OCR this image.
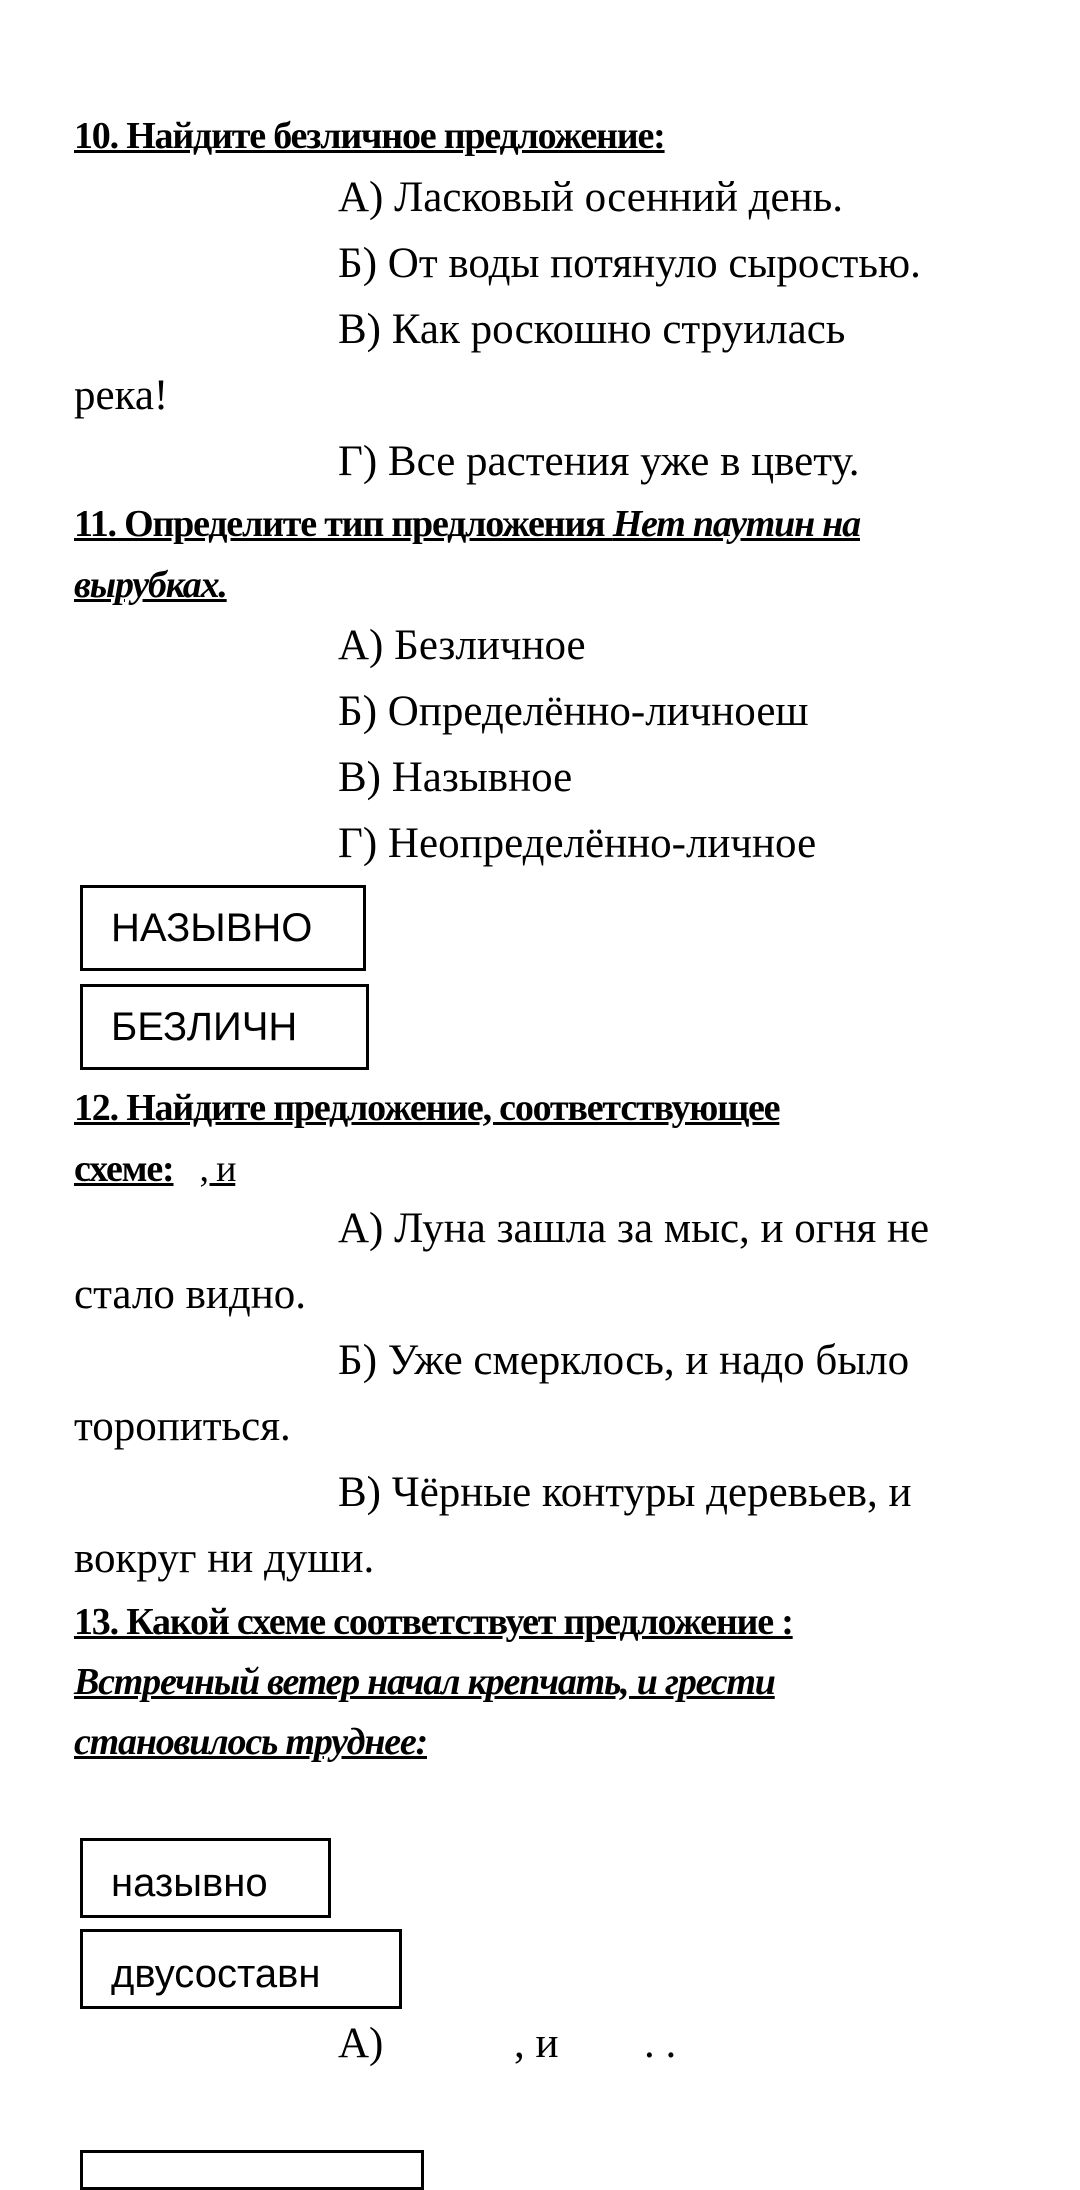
10. Найдите безличное предложение:

А) Ласковый осенний день.

Б) От воды потянуло сыростью.

В) Как роскошно струилась

река!

Г) Все растения уже в цвету.

11. Определите тип предложения Нет паутин на

вырубках.

А) Безличное

Б) Определённо-личноеш

В) Назывное

Г) Неопределённо-личное

НАЗЫВНО
БЕЗЛИЧН

12. Найдите предложение, соответствующее

схеме: , и

А) Луна зашла за мыс, и огня не

стало видно.

Б) Уже смерклось, и надо было

торопиться.

В) Чёрные контуры деревьев, и

вокруг ни души.

13. Какой схеме соответствует предложение :

Встречный ветер начал крепчать, и грести

становилось труднее:

назывно
двусоставн

А)	, и . .
